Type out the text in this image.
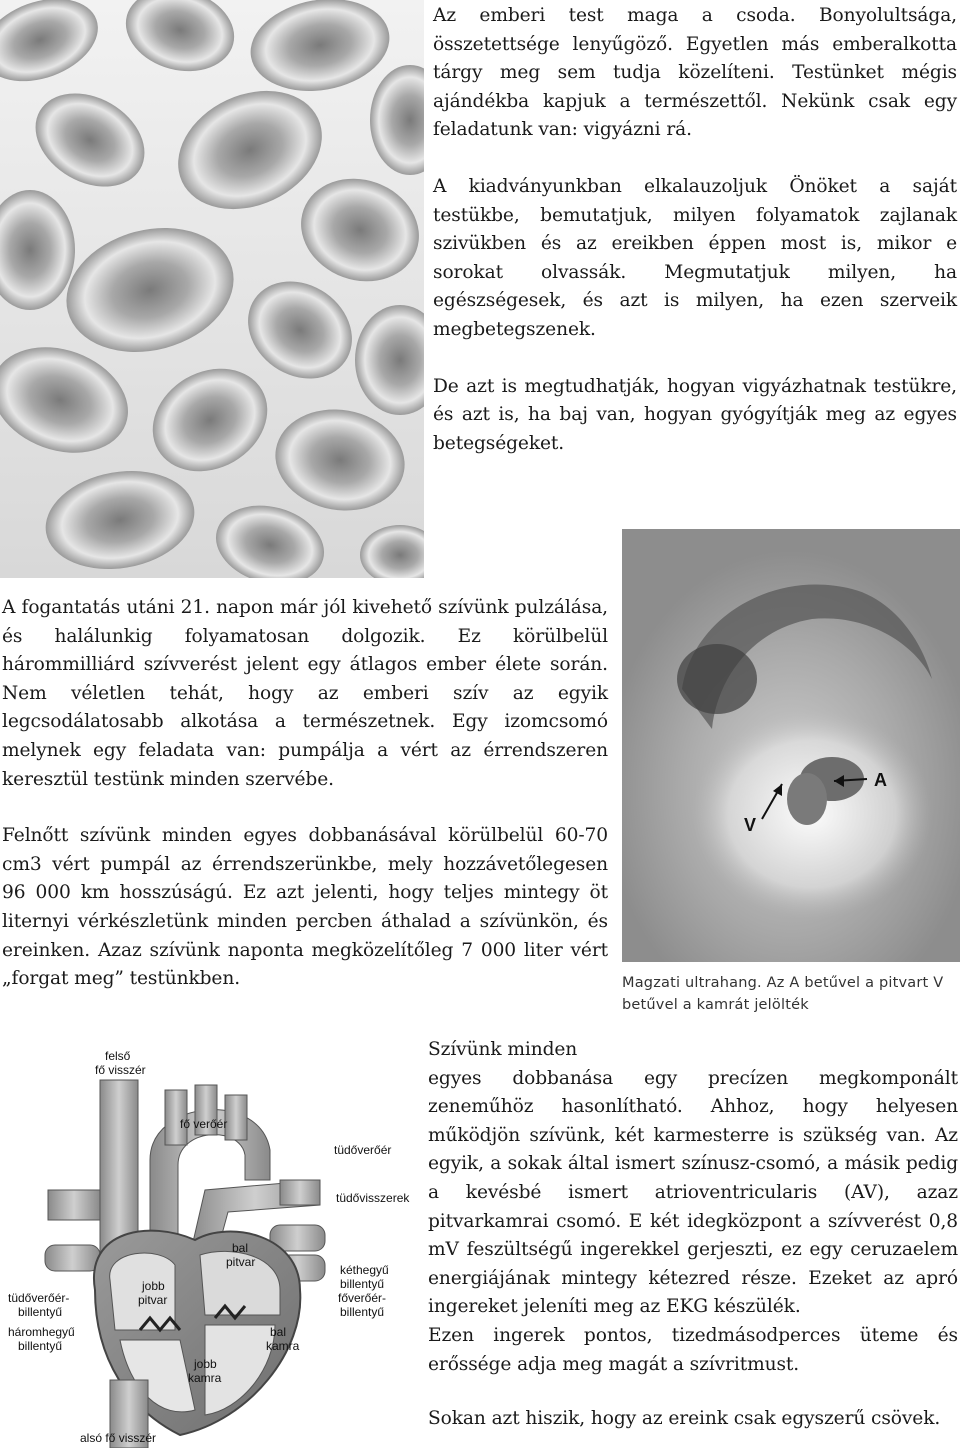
Az emberi test maga a csoda. Bonyolultsága, összetettsége lenyűgöző. Egyetlen más emberalkotta tárgy meg sem tudja közelíteni. Testünket mégis ajándékba kapjuk a természettől. Nekünk csak egy feladatunk van: vigyázni rá.

A kiadványunkban elkalauzoljuk Önöket a saját testükbe, bemutatjuk, milyen folyamatok zajlanak szivükben és az ereikben éppen most is, mikor e sorokat olvassák. Megmutatjuk milyen, ha egészségesek, és azt is milyen, ha ezen szerveik megbetegszenek.

De azt is megtudhatják, hogyan vigyázhatnak testükre, és azt is, ha baj van, hogyan gyógyítják meg az egyes betegségeket.

A fogantatás utáni 21. napon már jól kivehető szívünk pulzálása, és halálunkig folyamatosan dolgozik. Ez körülbelül hárommilliárd szívverést jelent egy átlagos ember élete során. Nem véletlen tehát, hogy az emberi szív az egyik legcsodálatosabb alkotása a természetnek. Egy izomcsomó melynek egy feladata van: pumpálja a vért az érrendszeren keresztül testünk minden szervébe.

Felnőtt szívünk minden egyes dobbanásával körülbelül 60-70 cm3 vért pumpál az érrendszerünkbe, mely hozzávetőlegesen 96 000 km hosszúságú. Ez azt jelenti, hogy teljes mintegy öt liternyi vérkészletünk minden percben áthalad a szívünkön, és ereinken. Azaz szívünk naponta megközelítőleg 7 000 liter vért „forgat meg” testünkben.

A
V
Magzati ultrahang. Az A betűvel a pitvart V
betűvel a kamrát jelölték
felső
fő visszér
fő verőér
tüdőverőér
tüdővisszerek
bal
pitvar
jobb
pitvar
kéthegyű
billentyű
főverőér-
billentyű
bal
kamra
tüdőverőér-
billentyű
háromhegyű
billentyű
jobb
kamra
alsó fő visszér

Szívünk minden

egyes dobbanása egy precízen megkomponált zeneműhöz hasonlítható. Ahhoz, hogy helyesen működjön szívünk, két karmesterre is szükség van. Az egyik, a sokak által ismert színusz-csomó, a másik pedig a kevésbé ismert atrioventricularis (AV), azaz pitvarkamrai csomó. E két idegközpont a szívverést 0,8 mV feszültségű ingerekkel gerjeszti, ez egy ceruzaelem energiájának mintegy kétezred része. Ezeket az apró ingereket jeleníti meg az EKG készülék.

Ezen ingerek pontos, tizedmásodperces üteme és erőssége adja meg magát a szívritmust.

Sokan azt hiszik, hogy az ereink csak egyszerű csövek.
